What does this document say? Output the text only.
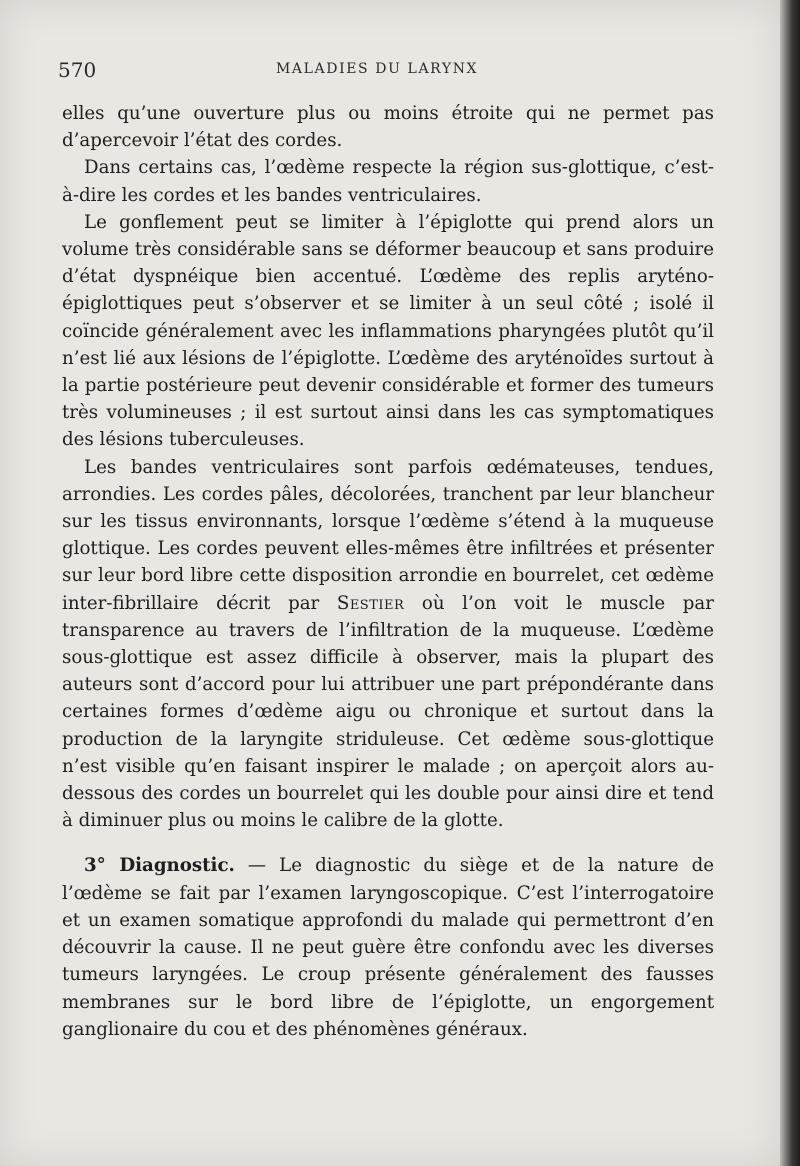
570	MALADIES DU LARYNX

elles qu’une ouverture plus ou moins étroite qui ne permet pas d’apercevoir l’état des cordes.

Dans certains cas, l’œdème respecte la région sus-glottique, c’est-à-dire les cordes et les bandes ventriculaires.

Le gonflement peut se limiter à l’épiglotte qui prend alors un volume très considérable sans se déformer beaucoup et sans produire d’état dyspnéique bien accentué. L’œdème des replis aryténo-épiglottiques peut s’observer et se limiter à un seul côté ; isolé il coïncide généralement avec les inflammations pharyngées plutôt qu’il n’est lié aux lésions de l’épiglotte. L’œdème des aryténoïdes surtout à la partie postérieure peut devenir considérable et former des tumeurs très volumineuses ; il est surtout ainsi dans les cas symptomatiques des lésions tuberculeuses.

Les bandes ventriculaires sont parfois œdémateuses, tendues, arrondies. Les cordes pâles, décolorées, tranchent par leur blancheur sur les tissus environnants, lorsque l’œdème s’étend à la muqueuse glottique. Les cordes peuvent elles-mêmes être infiltrées et présenter sur leur bord libre cette disposition arrondie en bourrelet, cet œdème inter-fibrillaire décrit par Sestier où l’on voit le muscle par transparence au travers de l’infiltration de la muqueuse. L’œdème sous-glottique est assez difficile à observer, mais la plupart des auteurs sont d’accord pour lui attribuer une part prépondérante dans certaines formes d’œdème aigu ou chronique et surtout dans la production de la laryngite striduleuse. Cet œdème sous-glottique n’est visible qu’en faisant inspirer le malade ; on aperçoit alors au-dessous des cordes un bourrelet qui les double pour ainsi dire et tend à diminuer plus ou moins le calibre de la glotte.

3° Diagnostic. — Le diagnostic du siège et de la nature de l’œdème se fait par l’examen laryngoscopique. C’est l’interrogatoire et un examen somatique approfondi du malade qui permettront d’en découvrir la cause. Il ne peut guère être confondu avec les diverses tumeurs laryngées. Le croup présente généralement des fausses membranes sur le bord libre de l’épiglotte, un engorgement ganglionaire du cou et des phénomènes généraux.
